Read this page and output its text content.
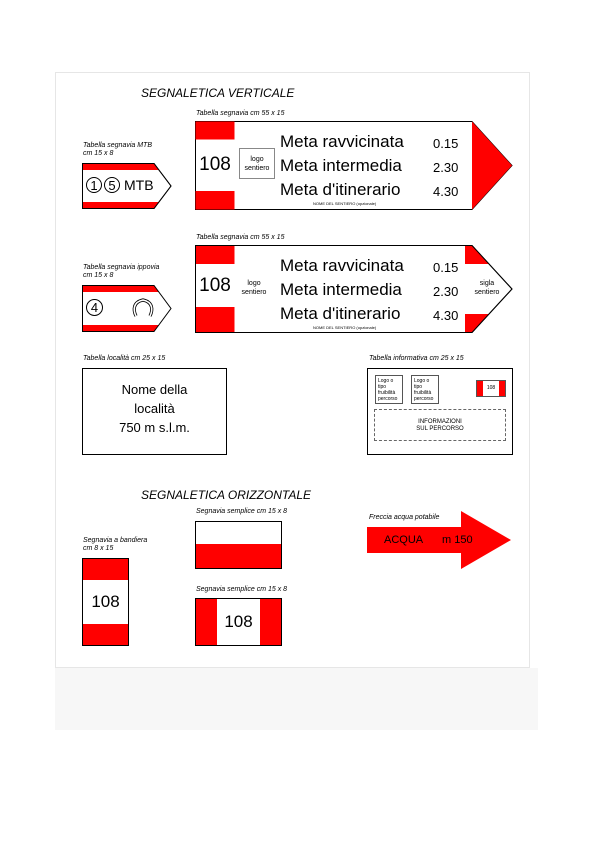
SEGNALETICA VERTICALE
Tabella segnavia cm 55 x 15
108	logo
sentiero
Meta ravvicinata 0.15
Meta intermedia 2.30
Meta d'itinerario	4.30
NOME DEL SENTIERO (opzionale)
Tabella segnavia MTB
cm 15 x 8
1 5 MTB
Tabella segnavia cm 55 x 15
108	logo
sentiero
Meta ravvicinata 0.15
Meta intermedia 2.30
Meta d'itinerario	4.30
sigla
sentiero
NOME DEL SENTIERO (opzionale)
Tabella segnavia ippovia
cm 15 x 8
4
Tabella località cm 25 x 15
Nome della
località
750 m s.l.m.
Tabella informativa cm 25 x 15
Logo o
tipo
fruibilità
percorso
Logo o
tipo
fruibilità
percorso
108
INFORMAZIONI
SUL PERCORSO
SEGNALETICA ORIZZONTALE
Segnavia semplice cm 15 x 8
Segnavia a bandiera
cm 8 x 15
108
Segnavia semplice cm 15 x 8
108
Freccia acqua potabile
ACQUA m 150
